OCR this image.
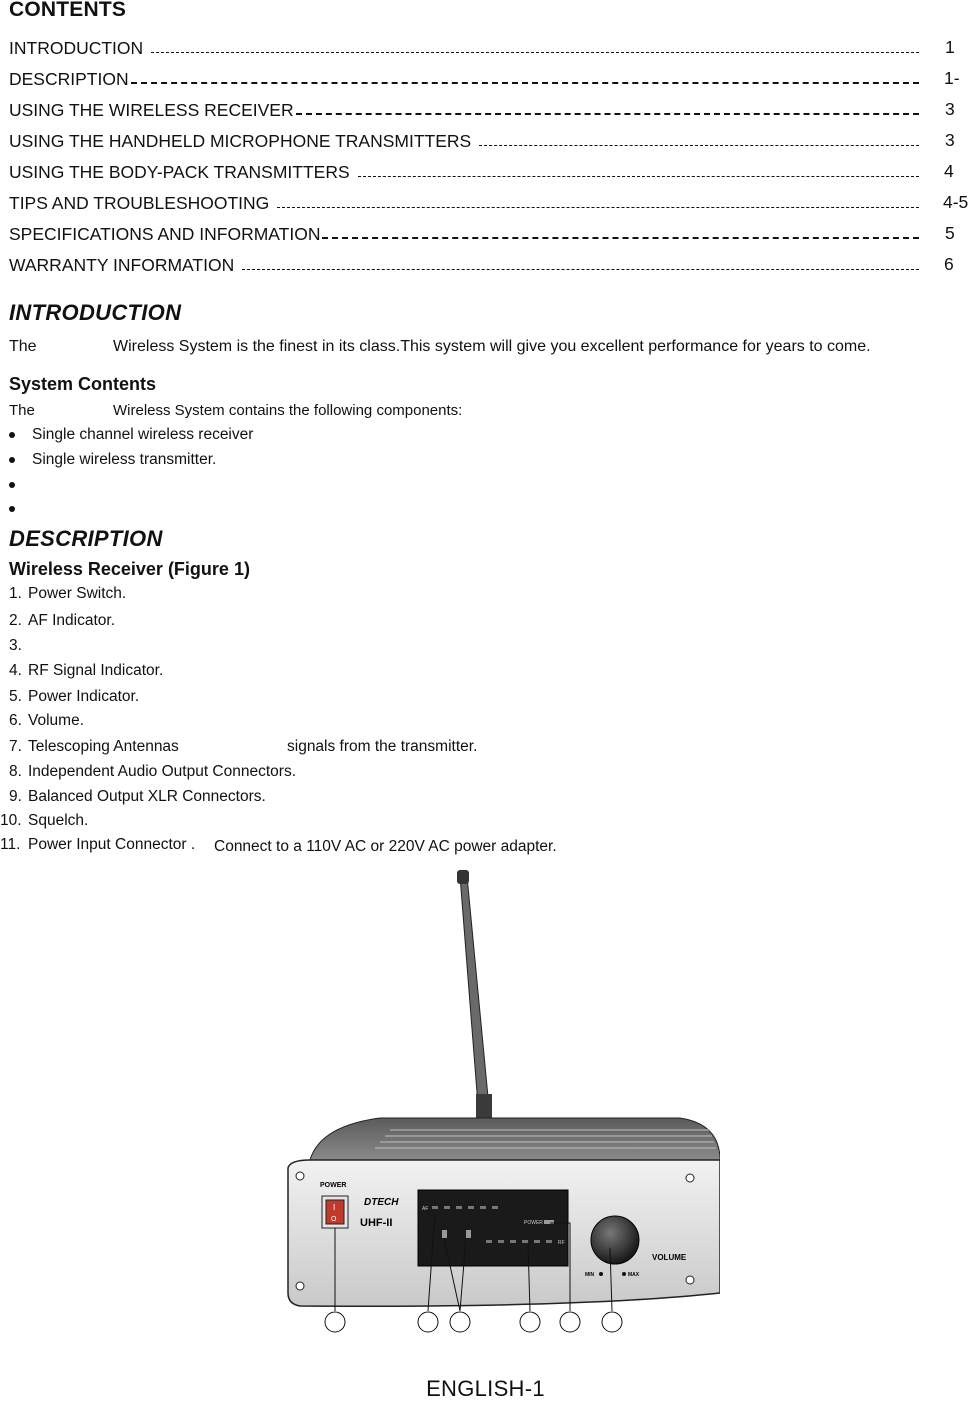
CONTENTS
INTRODUCTION	1
DESCRIPTION	1-
USING THE WIRELESS RECEIVER	3
USING THE HANDHELD MICROPHONE TRANSMITTERS	3
USING THE BODY-PACK TRANSMITTERS	4
TIPS AND TROUBLESHOOTING	4-5
SPECIFICATIONS AND INFORMATION	5
WARRANTY INFORMATION	6
INTRODUCTION
The	Wireless System is the finest in its class.This system will give you excellent performance for years to come.
System Contents
The	Wireless System contains the following components:
Single channel wireless receiver
Single wireless transmitter.
DESCRIPTION
Wireless Receiver (Figure 1)
1. Power Switch.
2. AF Indicator.
3.
4. RF Signal Indicator.
5. Power Indicator.
6. Volume.
7. Telescoping Antennas	signals from the transmitter.
8. Independent Audio Output Connectors.
9. Balanced Output XLR Connectors.
10. Squelch.
11. Power Input Connector . Connect to a 110V AC or 220V AC power adapter.
POWER
I
O
DTECH
UHF-II
AF
POWER
RF
VOLUME
MIN	MAX
ENGLISH-1
